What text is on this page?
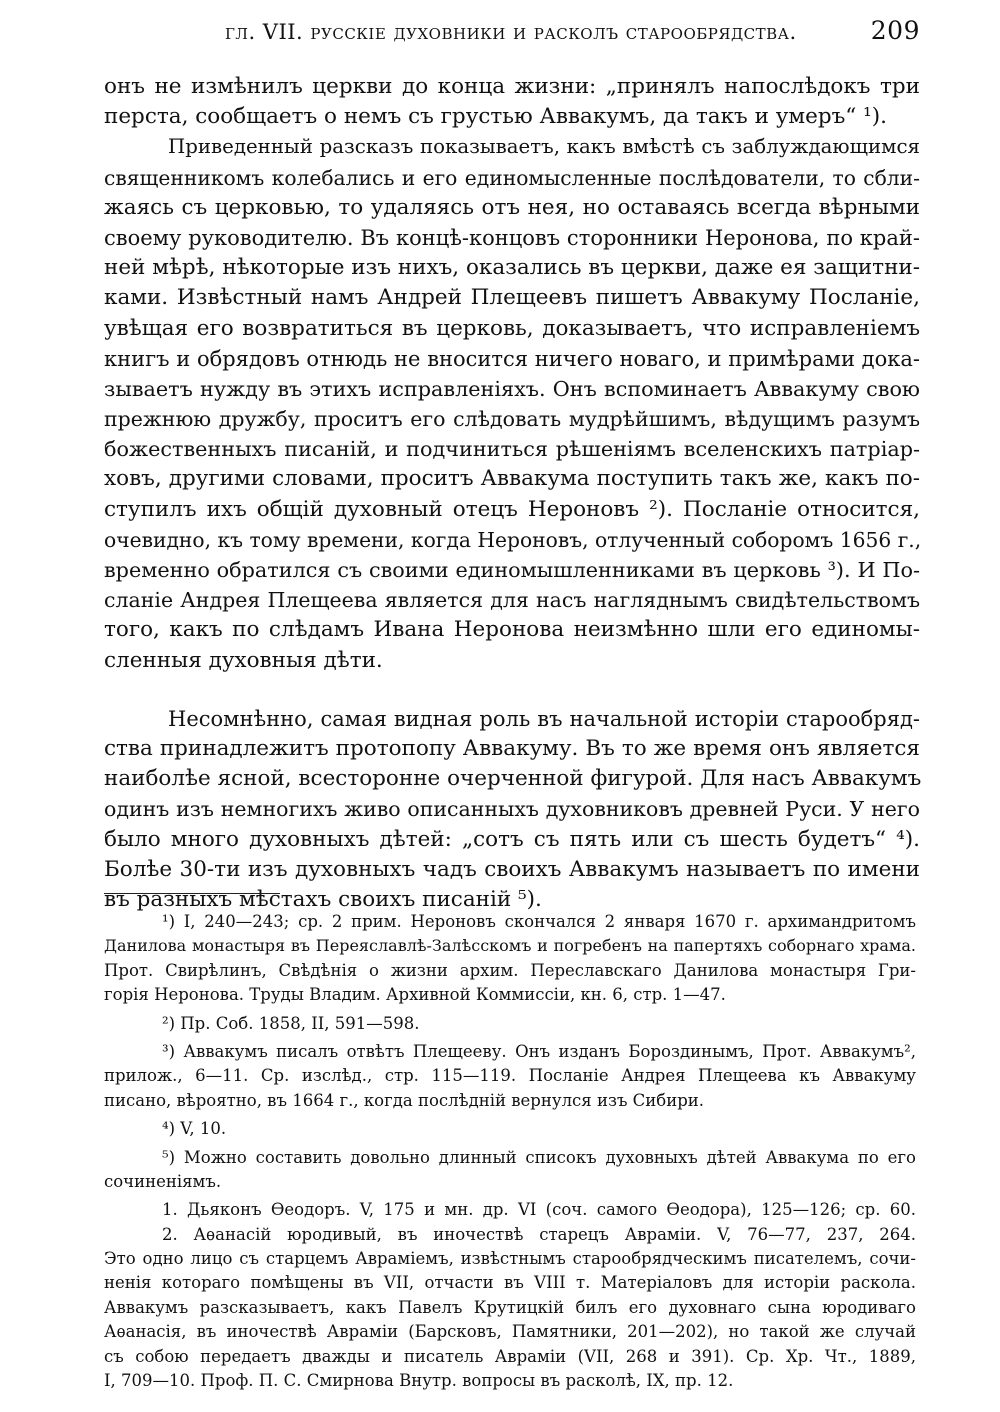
гл. VII. русскіе духовники и расколъ старообрядства.	209
онъ не измѣнилъ церкви до конца жизни: „принялъ напослѣдокъ три
перста, сообщаетъ о немъ съ грустью Аввакумъ, да такъ и умеръ“ ¹).
Приведенный разсказъ показываетъ, какъ вмѣстѣ съ заблуждающимся
священникомъ колебались и его единомысленные послѣдователи, то сбли-
жаясь съ церковью, то удаляясь отъ нея, но оставаясь всегда вѣрными
своему руководителю. Въ концѣ-концовъ сторонники Неронова, по край-
ней мѣрѣ, нѣкоторые изъ нихъ, оказались въ церкви, даже ея защитни-
ками. Извѣстный намъ Андрей Плещеевъ пишетъ Аввакуму Посланіе,
увѣщая его возвратиться въ церковь, доказываетъ, что исправленіемъ
книгъ и обрядовъ отнюдь не вносится ничего новаго, и примѣрами дока-
зываетъ нужду въ этихъ исправленіяхъ. Онъ вспоминаетъ Аввакуму свою
прежнюю дружбу, проситъ его слѣдовать мудрѣйшимъ, вѣдущимъ разумъ
божественныхъ писаній, и подчиниться рѣшеніямъ вселенскихъ патріар-
ховъ, другими словами, проситъ Аввакума поступить такъ же, какъ по-
ступилъ ихъ общій духовный отецъ Нероновъ ²). Посланіе относится,
очевидно, къ тому времени, когда Нероновъ, отлученный соборомъ 1656 г.,
временно обратился съ своими единомышленниками въ церковь ³). И По-
сланіе Андрея Плещеева является для насъ нагляднымъ свидѣтельствомъ
того, какъ по слѣдамъ Ивана Неронова неизмѣнно шли его единомы-
сленныя духовныя дѣти.
Несомнѣнно, самая видная роль въ начальной исторіи старообряд-
ства принадлежитъ протопопу Аввакуму. Въ то же время онъ является
наиболѣе ясной, всесторонне очерченной фигурой. Для насъ Аввакумъ
одинъ изъ немногихъ живо описанныхъ духовниковъ древней Руси. У него
было много духовныхъ дѣтей: „сотъ съ пять или съ шесть будетъ“ ⁴).
Болѣе 30-ти изъ духовныхъ чадъ своихъ Аввакумъ называетъ по имени
въ разныхъ мѣстахъ своихъ писаній ⁵).
¹) I, 240—243; ср. 2 прим. Нероновъ скончался 2 января 1670 г. архимандритомъ
Данилова монастыря въ Переяславлѣ-Залѣсскомъ и погребенъ на папертяхъ соборнаго храма.
Прот. Свирѣлинъ, Свѣдѣнія о жизни архим. Переславскаго Данилова монастыря Гри-
горія Неронова. Труды Владим. Архивной Коммиссіи, кн. 6, стр. 1—47.
²) Пр. Соб. 1858, II, 591—598.
³) Аввакумъ писалъ отвѣтъ Плещееву. Онъ изданъ Бороздинымъ, Прот. Аввакумъ²,
прилож., 6—11. Ср. изслѣд., стр. 115—119. Посланіе Андрея Плещеева къ Аввакуму
писано, вѣроятно, въ 1664 г., когда послѣдній вернулся изъ Сибири.
⁴) V, 10.
⁵) Можно составить довольно длинный списокъ духовныхъ дѣтей Аввакума по его
сочиненіямъ.
1. Дьяконъ Ѳеодоръ. V, 175 и мн. др. VI (соч. самого Ѳеодора), 125—126; ср. 60.
2. Аѳанасій юродивый, въ иночествѣ старецъ Авраміи. V, 76—77, 237, 264.
Это одно лицо съ старцемъ Авраміемъ, извѣстнымъ старообрядческимъ писателемъ, сочи-
ненія котораго помѣщены въ VII, отчасти въ VIII т. Матеріаловъ для исторіи раскола.
Аввакумъ разсказываетъ, какъ Павелъ Крутицкій билъ его духовнаго сына юродиваго
Аѳанасія, въ иночествѣ Авраміи (Барсковъ, Памятники, 201—202), но такой же случай
съ собою передаетъ дважды и писатель Авраміи (VII, 268 и 391). Ср. Хр. Чт., 1889,
I, 709—10. Проф. П. С. Смирнова Внутр. вопросы въ расколѣ, IX, пр. 12.
